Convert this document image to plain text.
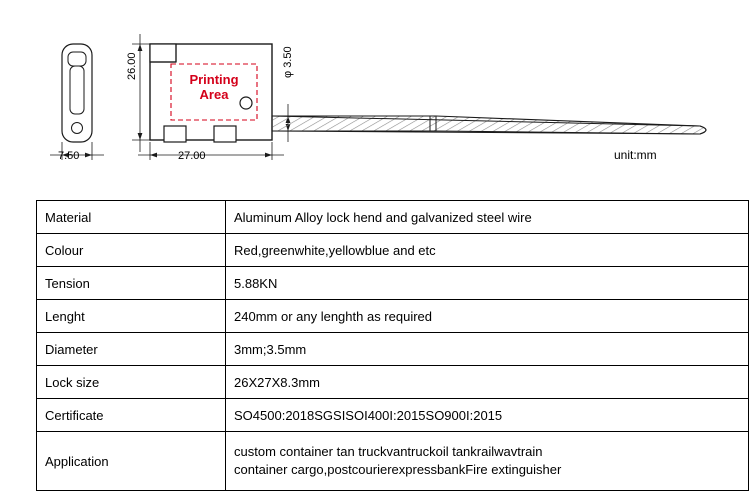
26.00
27.00
7.50
φ 3.50
unit:mm
Printing
Area
Material	Aluminum Alloy lock hend and galvanized steel wire
Colour	Red,greenwhite,yellowblue and etc
Tension	5.88KN
Lenght	240mm or any lenghth as required
Diameter	3mm;3.5mm
Lock size	26X27X8.3mm
Certificate	SO4500:2018SGSISOI400I:2015SO900I:2015
Application	custom container tan truckvantruckoil tankrailwavtrain
container cargo,postcourierexpressbankFire extinguisher
